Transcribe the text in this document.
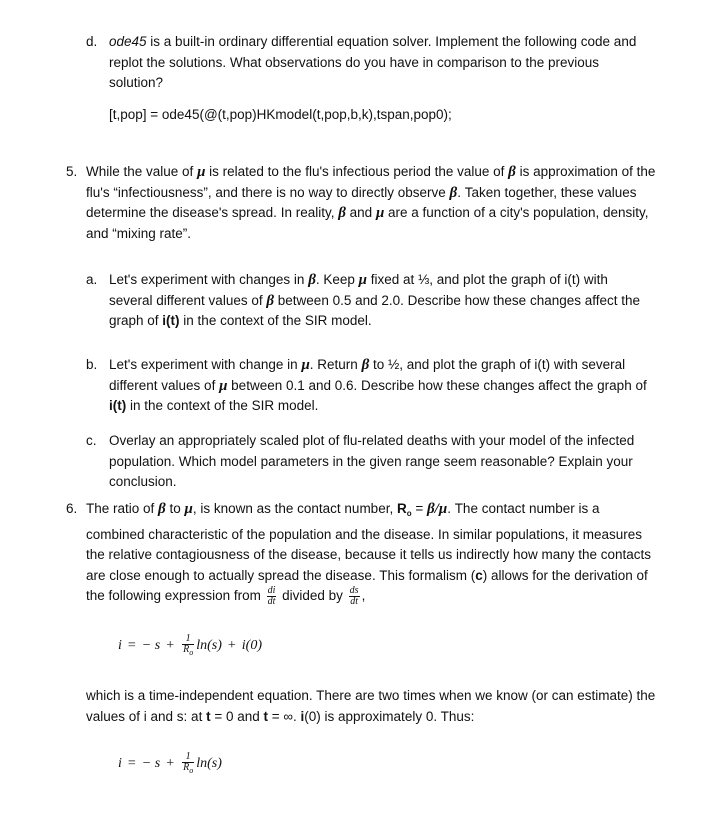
d. ode45 is a built-in ordinary differential equation solver. Implement the following code and replot the solutions. What observations do you have in comparison to the previous solution?
[t,pop] = ode45(@(t,pop)HKmodel(t,pop,b,k),tspan,pop0);
5. While the value of μ is related to the flu's infectious period the value of β is approximation of the flu's “infectiousness”, and there is no way to directly observe β. Taken together, these values determine the disease's spread. In reality, β and μ are a function of a city's population, density, and “mixing rate”.
a. Let's experiment with changes in β. Keep μ fixed at ⅓, and plot the graph of i(t) with several different values of β between 0.5 and 2.0. Describe how these changes affect the graph of i(t) in the context of the SIR model.
b. Let's experiment with change in μ. Return β to ½, and plot the graph of i(t) with several different values of μ between 0.1 and 0.6. Describe how these changes affect the graph of i(t) in the context of the SIR model.
c. Overlay an appropriately scaled plot of flu-related deaths with your model of the infected population. Which model parameters in the given range seem reasonable? Explain your conclusion.
6. The ratio of β to μ, is known as the contact number, $R_o = \beta/\mu$. The contact number is a combined characteristic of the population and the disease. In similar populations, it measures the relative contagiousness of the disease, because it tells us indirectly how many the contacts are close enough to actually spread the disease. This formalism (c) allows for the derivation of the following expression from $\frac{di}{dt}$ divided by $\frac{ds}{dt}$ ,
i = − $s + \frac{1}{R_o} \ln(s) + i(0)$
which is a time-independent equation. There are two times when we know (or can estimate) the values of i and s: at t = 0 and t = ∞. i(0) is approximately 0. Thus:
i = − $s + \frac{1}{R_o} \ln(s)$
